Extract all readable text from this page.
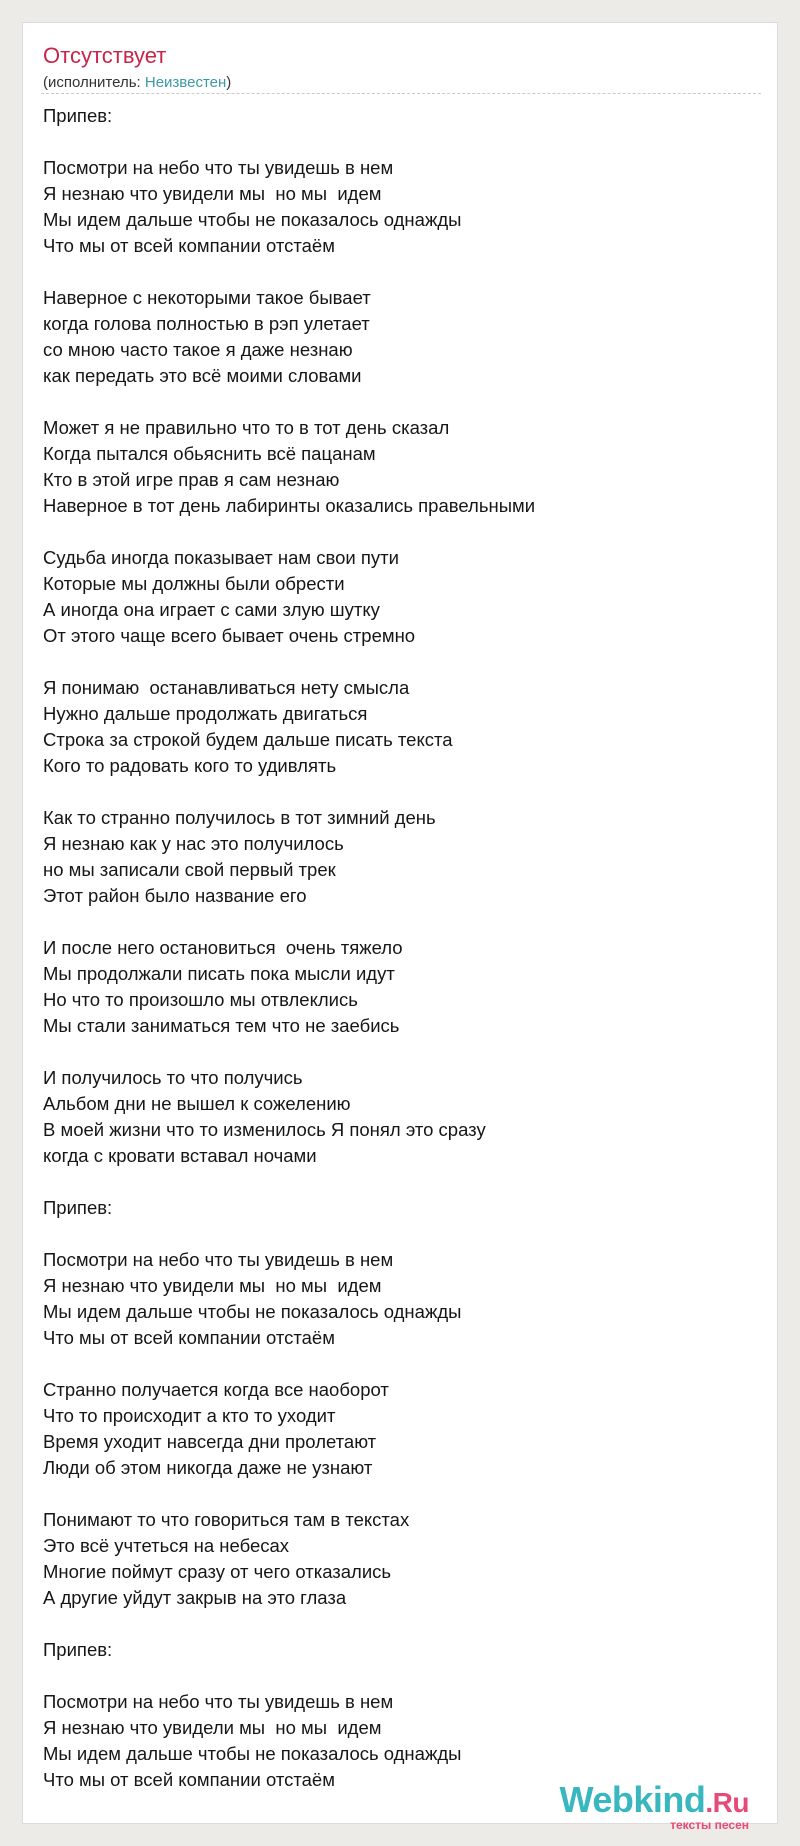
Отсутствует
(исполнитель: Неизвестен)
Припев:
Посмотри на небо что ты увидешь в нем
Я незнаю что увидели мы  но мы  идем
Мы идем дальше чтобы не показалось однажды
Что мы от всей компании отстаём
Наверное с некоторыми такое бывает
когда голова полностью в рэп улетает
со мною часто такое я даже незнаю
как передать это всё моими словами
Может я не правильно что то в тот день сказал
Когда пытался обьяснить всё пацанам
Кто в этой игре прав я сам незнаю
Наверное в тот день лабиринты оказались правельными
Судьба иногда показывает нам свои пути
Которые мы должны были обрести
А иногда она играет с сами злую шутку
От этого чаще всего бывает очень стремно
Я понимаю  останавливаться нету смысла
Нужно дальше продолжать двигаться
Строка за строкой будем дальше писать текста
Кого то радовать кого то удивлять
Как то странно получилось в тот зимний день
Я незнаю как у нас это получилось
но мы записали свой первый трек
Этот район было название его
И после него остановиться  очень тяжело
Мы продолжали писать пока мысли идут
Но что то произошло мы отвлеклись
Мы стали заниматься тем что не заебись
И получилось то что получись
Альбом дни не вышел к сожелению
В моей жизни что то изменилось Я понял это сразу
когда с кровати вставал ночами
Припев:
Посмотри на небо что ты увидешь в нем
Я незнаю что увидели мы  но мы  идем
Мы идем дальше чтобы не показалось однажды
Что мы от всей компании отстаём
Странно получается когда все наоборот
Что то происходит а кто то уходит
Время уходит навсегда дни пролетают
Люди об этом никогда даже не узнают
Понимают то что говориться там в текстах
Это всё учтеться на небесах
Многие поймут сразу от чего отказались
А другие уйдут закрыв на это глаза
Припев:
Посмотри на небо что ты увидешь в нем
Я незнаю что увидели мы  но мы  идем
Мы идем дальше чтобы не показалось однажды
Что мы от всей компании отстаём	Webkind.Ru
тексты песен
